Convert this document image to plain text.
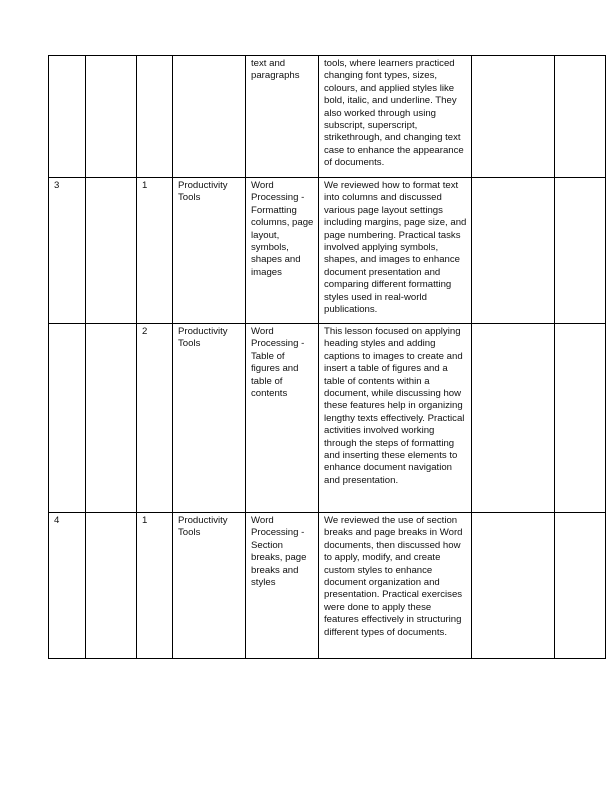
				text and paragraphs	tools, where learners practiced changing font types, sizes, colours, and applied styles like bold, italic, and underline. They also worked through using subscript, superscript, strikethrough, and changing text case to enhance the appearance of documents.		
3		1	Productivity Tools	Word Processing - Formatting columns, page layout, symbols, shapes and images	We reviewed how to format text into columns and discussed various page layout settings including margins, page size, and page numbering. Practical tasks involved applying symbols, shapes, and images to enhance document presentation and comparing different formatting styles used in real-world publications.		
		2	Productivity Tools	Word Processing - Table of figures and table of contents	This lesson focused on applying heading styles and adding captions to images to create and insert a table of figures and a table of contents within a document, while discussing how these features help in organizing lengthy texts effectively. Practical activities involved working through the steps of formatting and inserting these elements to enhance document navigation and presentation.		
4		1	Productivity Tools	Word Processing - Section breaks, page breaks and styles	We reviewed the use of section breaks and page breaks in Word documents, then discussed how to apply, modify, and create custom styles to enhance document organization and presentation. Practical exercises were done to apply these features effectively in structuring different types of documents.		
